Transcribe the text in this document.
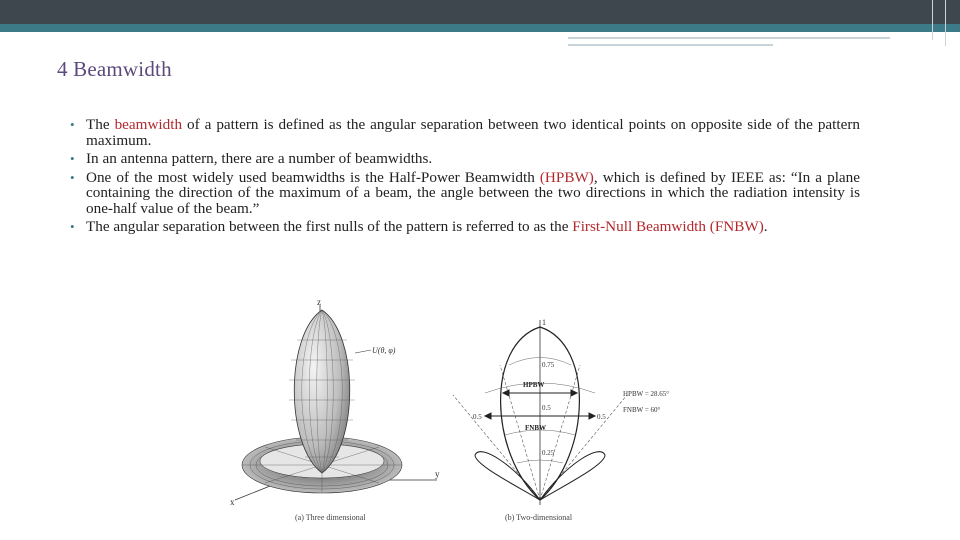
4 Beamwidth
• The beamwidth of a pattern is defined as the angular separation between two identical points on opposite side of the pattern maximum.
• In an antenna pattern, there are a number of beamwidths.
• One of the most widely used beamwidths is the Half-Power Beamwidth (HPBW), which is defined by IEEE as: “In a plane containing the direction of the maximum of a beam, the angle between the two directions in which the radiation intensity is one-half value of the beam.”
• The angular separation between the first nulls of the pattern is referred to as the First-Null Beamwidth (FNBW).
z
x
y
U(θ, φ)
(a) Three dimensional
1
0.75
HPBW
0.5
FNBW
0.25
0.5	0.5
HPBW = 28.65°
FNBW = 60°
(b) Two-dimensional
